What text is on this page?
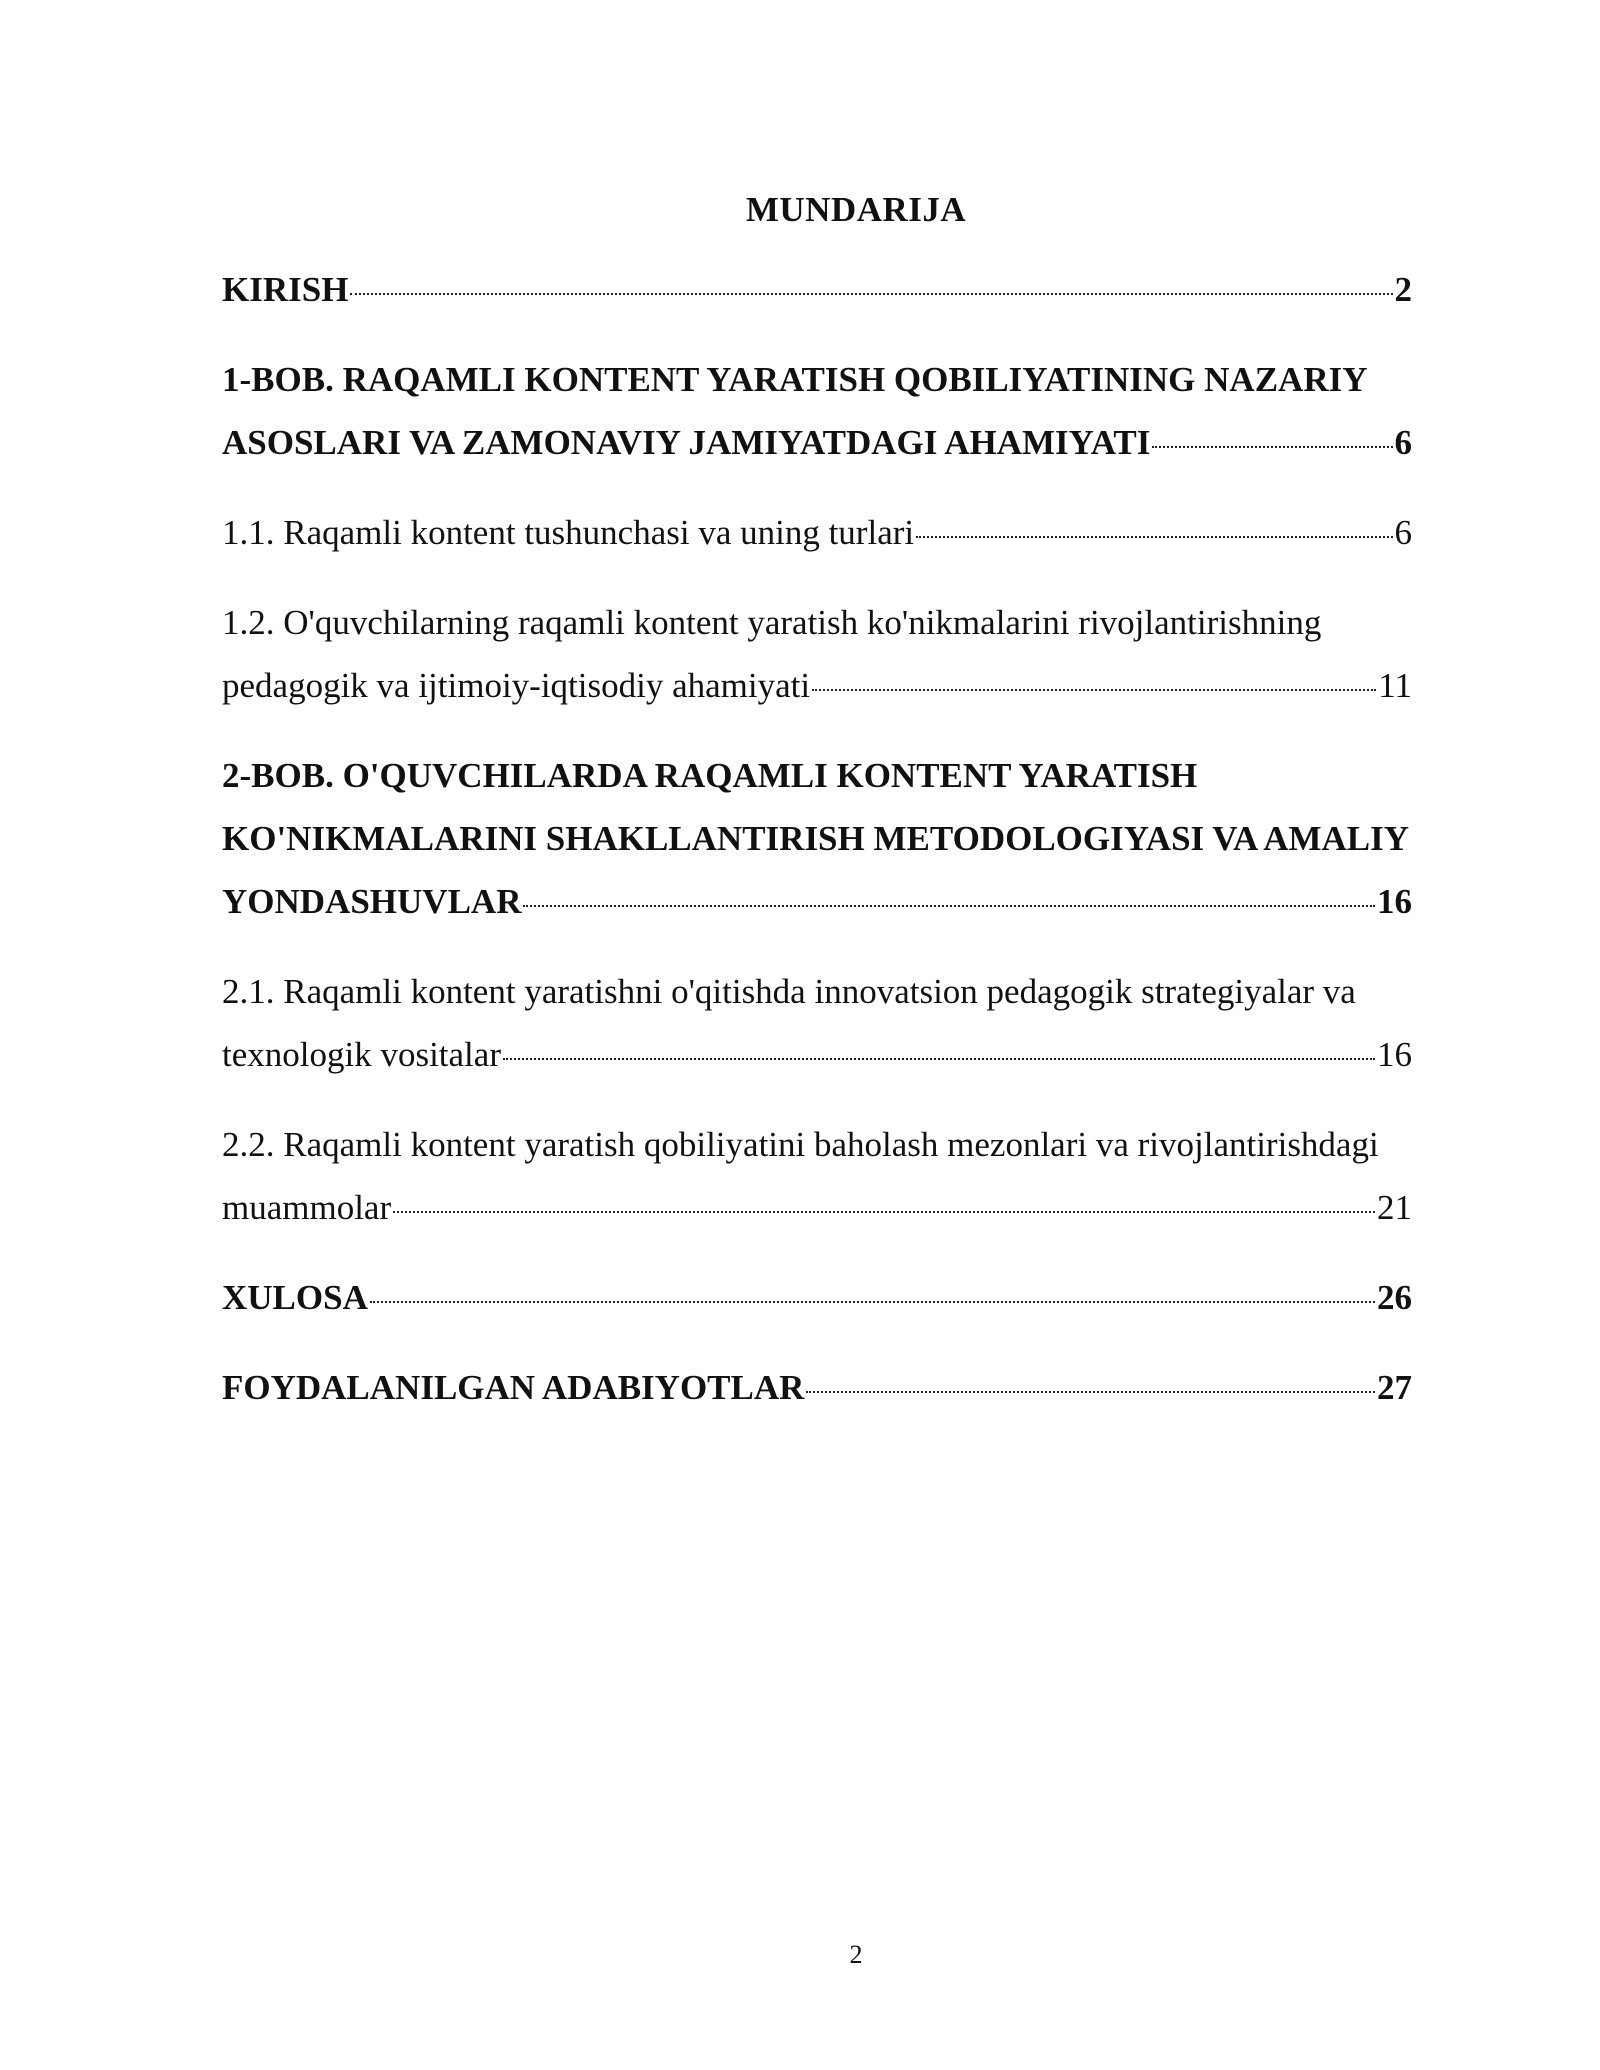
MUNDARIJA
KIRISH	2
1-BOB. RAQAMLI KONTENT YARATISH QOBILIYATINING NAZARIY
ASOSLARI VA ZAMONAVIY JAMIYATDAGI AHAMIYATI	6
1.1. Raqamli kontent tushunchasi va uning turlari	6
1.2. O'quvchilarning raqamli kontent yaratish ko'nikmalarini rivojlantirishning
pedagogik va ijtimoiy-iqtisodiy ahamiyati	11
2-BOB. O'QUVCHILARDA RAQAMLI KONTENT YARATISH
KO'NIKMALARINI SHAKLLANTIRISH METODOLOGIYASI VA AMALIY
YONDASHUVLAR	16
2.1. Raqamli kontent yaratishni o'qitishda innovatsion pedagogik strategiyalar va
texnologik vositalar	16
2.2. Raqamli kontent yaratish qobiliyatini baholash mezonlari va rivojlantirishdagi
muammolar	21
XULOSA	26
FOYDALANILGAN ADABIYOTLAR	27
2
